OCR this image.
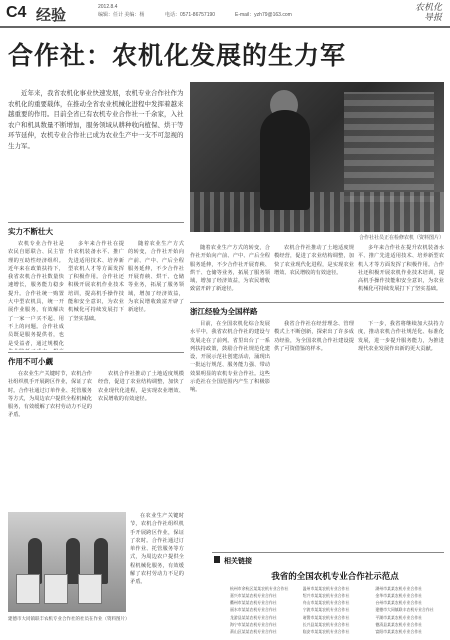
C4 经验	2012.8.4
编辑：任计 美编：杨	电话：0571-86757190	E-mail：yzh79@163.com
农机化
导报
合作社：农机化发展的生力军

近年来，我省农机化事业快速发展，农机专业合作社作为农机化的重要载体，在推动全省农业机械化进程中发挥着越来越重要的作用。目前全省已有农机专业合作社一千余家，入社农户和机具数量不断增加，服务领域从耕种收向植保、烘干等环节延伸，农机专业合作社已成为农业生产中一支不可忽视的生力军。

合作社社员正在检修农机（资料图片）
实力不断壮大

农机专业合作社是农民自愿联合、民主管理的互助性经济组织。近年来在政策扶持下，我省农机合作社数量快速增长，服务能力稳步提升。合作社统一购置大中型农机具，统一开展作业服务，有效解决了一家一户买不起、用不上的问题。合作社成员既是服务提供者，也是受益者，通过规模化

多年来合作社在提升农机装备水平、推广先进适用技术、培养新型农机人才等方面发挥了积极作用。合作社还积极开展农机作业技术培训，提高机手操作技能和安全意识，为农业机械化可持续发展打下了坚实基础。

随着农业生产方式的转变，合作社开始向产前、产中、产后全程服务延伸，不少合作社开展育秧、烘干、仓储等业务，拓展了服务领域，增加了经济效益，为农民增收致富开辟了新途径。

作用不可小觑

在农业生产关键时节，农机合作社组织机手开展跨区作业，保证了农时。合作社通过订单作业、托管服务等方式，为周边农户提供全程机械化服务，有效缓解了农村劳动力不足的矛盾。

农机合作社推动了土地适度规模经营，促进了农业结构调整，加快了农业现代化进程，是实现农业增效、农民增收的有效途径。

随着农业生产方式的转变，合作社开始向产前、产中、产后全程服务延伸，不少合作社开展育秧、烘干、仓储等业务，拓展了服务领域，增加了经济效益，为农民增收致富开辟了新途径。

农机合作社推动了土地适度规模经营，促进了农业结构调整，加快了农业现代化进程，是实现农业增效、农民增收的有效途径。

多年来合作社在提升农机装备水平、推广先进适用技术、培养新型农机人才等方面发挥了积极作用。合作社还积极开展农机作业技术培训，提高机手操作技能和安全意识，为农业机械化可持续发展打下了坚实基础。

浙江经验为全国样路

目前，在全国农机化综合发展水平中，我省农机合作社的建设与发展走在了前列。省里出台了一系列扶持政策，鼓励合作社规范化建设，开展示范社创建活动，涌现出一批运行规范、服务能力强、带动效果明显的农机专业合作社。这些示范社在全国范围内产生了积极影响。

我省合作社在经营理念、管理模式上不断创新，探索出了许多成功经验，为全国农机合作社建设提供了可资借鉴的样本。

下一步，我省将继续加大扶持力度，推动农机合作社规范化、标准化发展，进一步提升服务能力，为推进现代农业发展作出新的更大贡献。

在农业生产关键时节，农机合作社组织机手开展跨区作业，保证了农时。合作社通过订单作业、托管服务等方式，为周边农户提供全程机械化服务，有效缓解了农村劳动力不足的矛盾。

建德市大同镇联丰农机专业合作社的社员在作业（资料图片）
相关链接
我省的全国农机专业合作社示范点
杭州市余杭区某某农机专业合作社	温州市某某农机专业合作社	湖州市某某农机专业合作社
嘉兴市某某农机专业合作社	绍兴市某某农机专业合作社	金华市某某农机专业合作社
衢州市某某农机专业合作社	舟山市某某农机专业合作社	台州市某某农机专业合作社
丽水市某某农机专业合作社	宁波市某某农机专业合作社	建德市大同镇联丰农机专业合作社
龙游县某某农机专业合作社	诸暨市某某农机专业合作社	平湖市某某农机专业合作社
海宁市某某农机专业合作社	长兴县某某农机专业合作社	德清县某某农机专业合作社
萧山区某某农机专业合作社	临安市某某农机专业合作社	富阳市某某农机专业合作社
